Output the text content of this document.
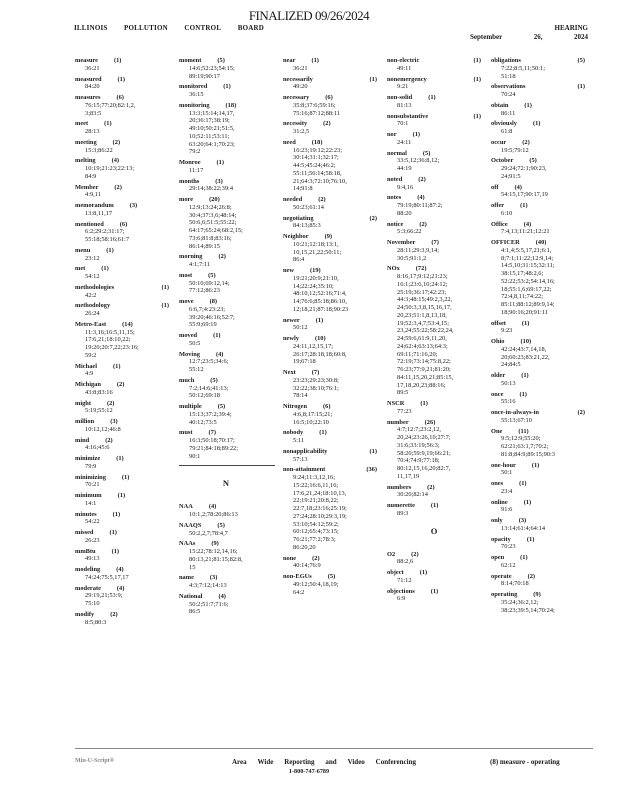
FINALIZED 09/26/2024
ILLINOIS POLLUTION CONTROL BOARD	HEARING
September	26,	2024
measure	(1)
36:21
measured	(1)
84:20
measures	(6)
76:15;77:20;82:1,2,
3;83:5
meet	(1)
28:13
meeting	(2)
15:3;86:22
melting	(4)
10:19;21:23;22:13;
84:9
Member	(2)
4:9,11
memorandum	(3)
13:8,11,17
mentioned	(6)
6:2;29:2;31:17;
55:18;58:16;61:7
menu	(1)
23:12
met	(1)
54:12
methodologies	(1)
42:2
methodology	(1)
26:24
Metro-East	(14)
11:3,16;16:5,11,15;
17:6,21;18:10,22;
19:20;20:7,22;23:16;
59:2
Michael	(1)
4:9
Michigan	(2)
43:8;83:16
might	(2)
5:19;55:12
million	(3)
10:12,12;46:8
mind	(2)
4:16;45:6
minimize	(1)
79:9
minimizing	(1)
70:21
minimum	(1)
14:1
minutes	(1)
54:22
missed	(1)
26:23
mmBtu	(1)
49:13
modeling	(4)
74:24;75:5,17,17
moderate	(4)
29:19,21;53:9;
75:10
modify	(2)
8:5;80:3
moment	(5)
14:6;52:23;54:15;
89:19;90:17
monitored	(1)
36:15
monitoring	(18)
13:3;15:14;14,17,
20;36:17;38:19;
49:10;50:21;51:5,
10;52:11;53:11;
63:20;64:1;70:23;
79:2
Monroe	(1)
11:17
months	(3)
29:14;38:22;39:4
more	(20)
12:9;13:24;26:8;
30:4;37:3,6;48:14;
50:6,6;51:5;55:22;
64:17;65:24;68:2,15;
73:6;81:8;83:16;
86:14;89:15
morning	(2)
4:1;7:11
most	(5)
50:10;69:12,14;
77:12;86:23
move	(8)
6:6,7;4:23:23;
39:20;46:16;52:7;
55:9;69:19
moved	(1)
50:5
Moving	(4)
12:7;23:5;34:6;
55:12
much	(5)
7:2;14:6;41:13;
50:12;69:18
multiple	(5)
15:13;37:2;39:4;
40:12;73:5
must	(7)
16:3;50:18;70:17;
79:21;84:18;89:22;
90:1
N
NAA	(4)
10:1,2;78:20;86:13
NAAQS	(5)
50:2,2,7;78:4,7
NAAs	(9)
15:22;78:12,14,16;
80:13,21;81:15;82:8,
15
name	(3)
4:3;7:12;14:13
National	(4)
50:2;51:7;71:6;
86:5
near	(1)
36:21
necessarily	(1)
49:20
necessary	(6)
35:8;37:6;59:16;
75:16;87:12;88:11
necessity	(2)
31:2,5
need	(18)
16:23;19:12;22:23;
30:14;31:1;32:17;
44:5;45:24;46:2;
55:11;56:14;58:18,
21;64:3;72:10;76:10,
14;91:8
needed	(2)
50:23;61:14
negotiating	(2)
84:13;85:3
Neighbor	(9)
10:21;12:18;13:1,
10,15,21,22;50:11;
86:4
new	(19)
19:21;20:9;21:10,
14;22:24;35:10;
48:10,12;52:16;71:4,
14;76:6;85:18;86:10,
12;18,21;87:18;90:23
newer	(1)
50:12
newly	(10)
24:11,12,15,17;
26:17;28:18,18;60:8,
19;67:18
Next	(7)
23:23;29:23;30:8;
32:22;38:10;76:1;
78:14
Nitrogen	(6)
4:6,8;17:15;21;
16:5;10;22:10
nobody	(1)
5:11
nonapplicability	(1)
57:13
non-attainment	(36)
9:24;11:3,12,16;
15:22;16:6,11,16;
17:6,21,24;18:10,13,
22;19:21;20:8,22;
22:7,18;23:16;25:19;
27:24;28:10;29:3,19;
53:10;54:12;59:2;
60:12;65:4;73:15;
76:21;77:2;78:3;
86:20,20
none	(2)
40:14;76:9
non-EGUs	(5)
49:12;50:4,18,19;
64:2
non-electric	(1)
49:11
nonemergency	(1)
9:21
non-solid	(1)
81:13
nonsubstantive	(1)
70:1
nor	(1)
24:11
normal	(5)
33:5,12;36:8,12;
44:19
noted	(2)
9:4,16
notes	(4)
79:19;80:11;87:2;
88:20
notice	(2)
5:3;66:22
November	(7)
28:11;29:3,9,14;
30:5;91:1,2
NOx	(72)
8:16,17;9:12;21:23;
16:1;23:6,10;24:12;
25:19;36:17;42:23;
44:3;48:15;49:2,3,22,
24;50:3,3,8,15,16,17,
20,23;51:1,8,13,18,
19;52:3,4,7;53:4,15;
23,24;55:22;58:22,24,
24;59:6,61:9,11,20,
24;62:4;63:13;64:3;
69:11;71:16,20;
72:19;73:14;75:8,22;
76:23;77:9,21;81:20;
84:11,15,20,21;85:15,
17,18,20,23;88:16;
89:5
NSCR	(1)
77:23
number	(26)
4:7;12:7;23:2,12,
20,24;23:26,10;27:7;
31:6;33:19;56:3;
58:20;59:9,19;66:21;
70:4;74:9;77:18;
80:12,15,16,20;82:7,
11,17,19
numbers	(2)
30:20;82:14
numerette	(1)
89:3
O
O2	(2)
88:2,6
object	(1)
71:12
objections	(1)
6:9
obligations	(5)
7:22;8:5,11;50:1;
51:18
observations	(1)
70:24
obtain	(1)
86:11
obviously	(1)
61:8
occur	(2)
19:5;79:12
October	(5)
29:24;72:1;90:23,
24;91:5
off	(4)
54:15,17;90:17,19
offer	(1)
6:10
Office	(4)
7:4,13;11:21;12:21
OFFICER	(40)
4:1,4;5:5,17,21;6:1,
8;7:1;11:22;12:9,14;
14:5,10;31:15;32:11;
38:15,17;48:2,6;
52:22;53:2;54:14,16;
18;55:1,6;69:17,22;
72:4,8,11;74:22;
85:11;88:12;89:9,14;
18;90:16;20;91:11
offset	(1)
9:23
Ohio	(10)
42:24;43:7,14,18,
20;60:23;83:21,22,
24;84:5
older	(1)
50:13
once	(1)
55:16
once-in-always-in	(2)
55:13;67:10
One	(11)
9:5;12:9;55:20;
62:21;63:1,7;70:2;
81:8;84:9;89:15;90:3
one-hour	(1)
50:1
ones	(1)
23:4
online	(1)
91:6
only	(3)
13:14;61:4;64:14
opacity	(1)
70:23
open	(1)
62:12
operate	(2)
8:14;70:18
operating	(9)
35:24;36:2,12;
38:23;39:5,14;70:24;
Min-U-Script®	Area Wide Reporting and Video Conferencing
1-800-747-6789
(8) measure - operating
